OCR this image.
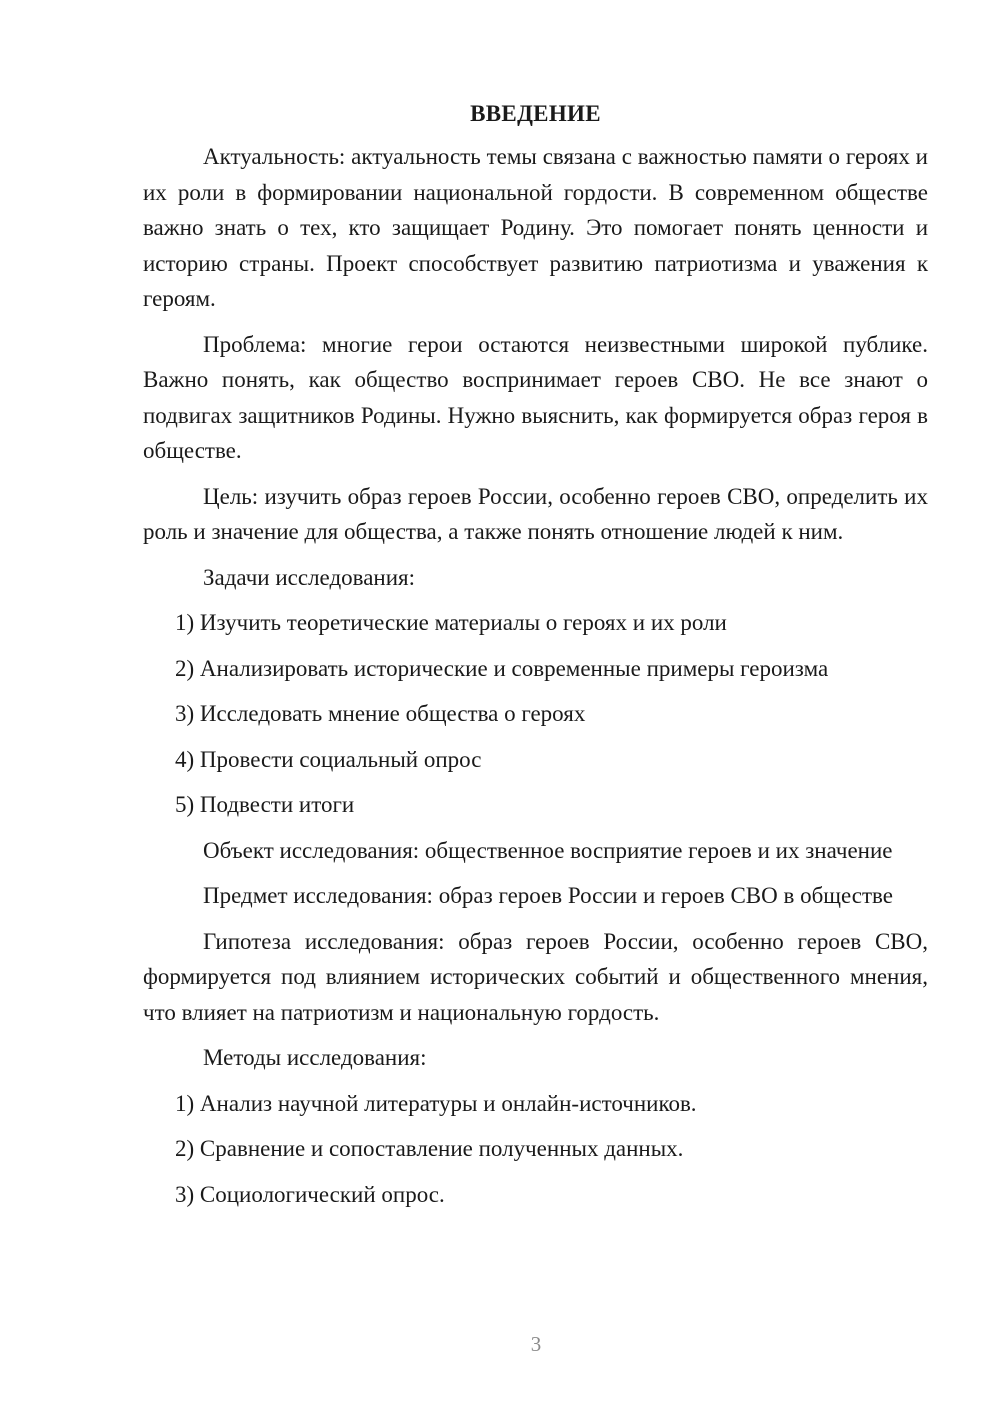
ВВЕДЕНИЕ

Актуальность: актуальность темы связана с важностью памяти о героях и их роли в формировании национальной гордости. В современном обществе важно знать о тех, кто защищает Родину. Это помогает понять ценности и историю страны. Проект способствует развитию патриотизма и уважения к героям.

Проблема: многие герои остаются неизвестными широкой публике. Важно понять, как общество воспринимает героев СВО. Не все знают о подвигах защитников Родины. Нужно выяснить, как формируется образ героя в обществе.

Цель: изучить образ героев России, особенно героев СВО, определить их роль и значение для общества, а также понять отношение людей к ним.

Задачи исследования:

1) Изучить теоретические материалы о героях и их роли
2) Анализировать исторические и современные примеры героизма
3) Исследовать мнение общества о героях
4) Провести социальный опрос
5) Подвести итоги

Объект исследования: общественное восприятие героев и их значение

Предмет исследования: образ героев России и героев СВО в обществе

Гипотеза исследования: образ героев России, особенно героев СВО, формируется под влиянием исторических событий и общественного мнения, что влияет на патриотизм и национальную гордость.

Методы исследования:

1) Анализ научной литературы и онлайн-источников.
2) Сравнение и сопоставление полученных данных.
3) Социологический опрос.
3
